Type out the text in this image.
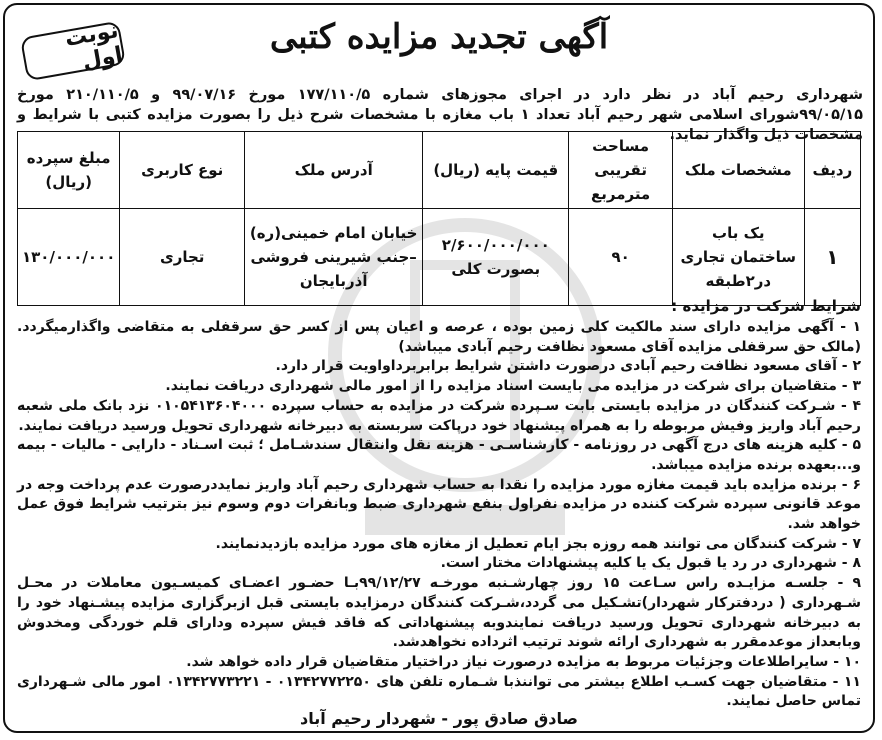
نوبت اول
آگهی تجدید مزایده کتبی
شهرداری رحیم آباد در نظر دارد در اجرای مجوزهای شماره ۱۷۷/۱۱۰/۵ مورخ ۹۹/۰۷/۱۶ و ۲۱۰/۱۱۰/۵ مورخ ۹۹/۰۵/۱۵شورای اسلامی شهر رحیم آباد تعداد ۱ باب مغازه با مشخصات شرح ذیل را بصورت مزایده کتبی با شرایط و مشخصات ذیل واگذار نماید.
ردیف	مشخصات ملک	مساحت تقریبی مترمربع	قیمت پایه (ریال)	آدرس ملک	نوع کاربری	مبلغ سپرده (ریال)
۱	یک باب ساختمان تجاری در۲طبقه	۹۰	۲/۶۰۰/۰۰۰/۰۰۰ بصورت کلی	خیابان امام خمینی(ره) –جنب شیرینی فروشی آذربایجان	تجاری	۱۳۰/۰۰۰/۰۰۰
شرایط شرکت در مزایده :
۱ - آگهی مزایده دارای سند مالکیت کلی زمین بوده ، عرصه و اعیان پس از کسر حق سرقفلی به متقاضی واگذارمیگردد.(مالک حق سرقفلی مزایده آقای مسعود نظافت رحیم آبادی میباشد)
۲ - آقای مسعود نظافت رحیم آبادی درصورت داشتن شرایط برابربرداواویت قرار دارد.
۳ - متقاضیان برای شرکت در مزایده می بایست اسناد مزایده را از امور مالی شهرداری دریافت نمایند.
۴ - شـرکت کنندگان در مزایده بایستی بابت سـپرده شرکت در مزایده به حساب سپرده ۰۱۰۵۴۱۳۶۰۴۰۰۰ نزد بانک ملی شعبه رحیم آباد واریز وفیش مربوطه را به همراه پیشنهاد خود درپاکت سربسته به دبیرخانه شهرداری تحویل ورسید دریافت نمایند.
۵ - کلیه هزینه های درج آگهی در روزنامه - کارشناسـی - هزینه نقل وانتقال سندشـامل ؛ ثبت اسـناد - دارایی - مالیات - بیمه و...بعهده برنده مزایده میباشد.
۶ - برنده مزایده باید قیمت مغازه مورد مزایده را نقدا به حساب شهرداری رحیم آباد واریز نمایددرصورت عدم پرداخت وجه در موعد قانونی سپرده شرکت کننده در مزایده نفراول بنفع شهرداری ضبط وبانفرات دوم وسوم نیز بترتیب شرایط فوق عمل خواهد شد.
۷ - شرکت کنندگان می توانند همه روزه بجز ایام تعطیل از مغازه های مورد مزایده بازدیدنمایند.
۸ - شهرداری در رد یا قبول یک یا کلیه پیشنهادات مختار است.
۹ - جلسـه مزایـده راس سـاعت ۱۵ روز چهارشـنبه مورخـه ۹۹/۱۲/۲۷بـا حضـور اعضـای کمیسـیون معاملات در محـل شـهرداری ( دردفترکار شهردار)تشـکیل می گردد،شـرکت کنندگان درمزایده بایستی قبل ازبرگزاری مزایده پیشـنهاد خود را به دبیرخانه شهرداری تحویل ورسید دریافت نمایندوبه پیشنهاداتی که فاقد فیش سپرده ودارای قلم خوردگی ومخدوش وبابعداز موعدمقرر به شهرداری ارائه شوند ترتیب اثرداده نخواهدشد.
۱۰ - سایراطلاعات وجزئیات مربوط به مزایده درصورت نیاز دراختیار متقاضیان قرار داده خواهد شد.
۱۱ - متقاضیان جهت کسـب اطلاع بیشتر می تواننذبا شـماره تلفن های ۰۱۳۴۲۷۷۲۲۵۰ - ۰۱۳۴۲۷۷۳۲۲۱ امور مالی شـهرداری تماس حاصل نمایند.
صادق صادق پور - شهردار رحیم آباد
